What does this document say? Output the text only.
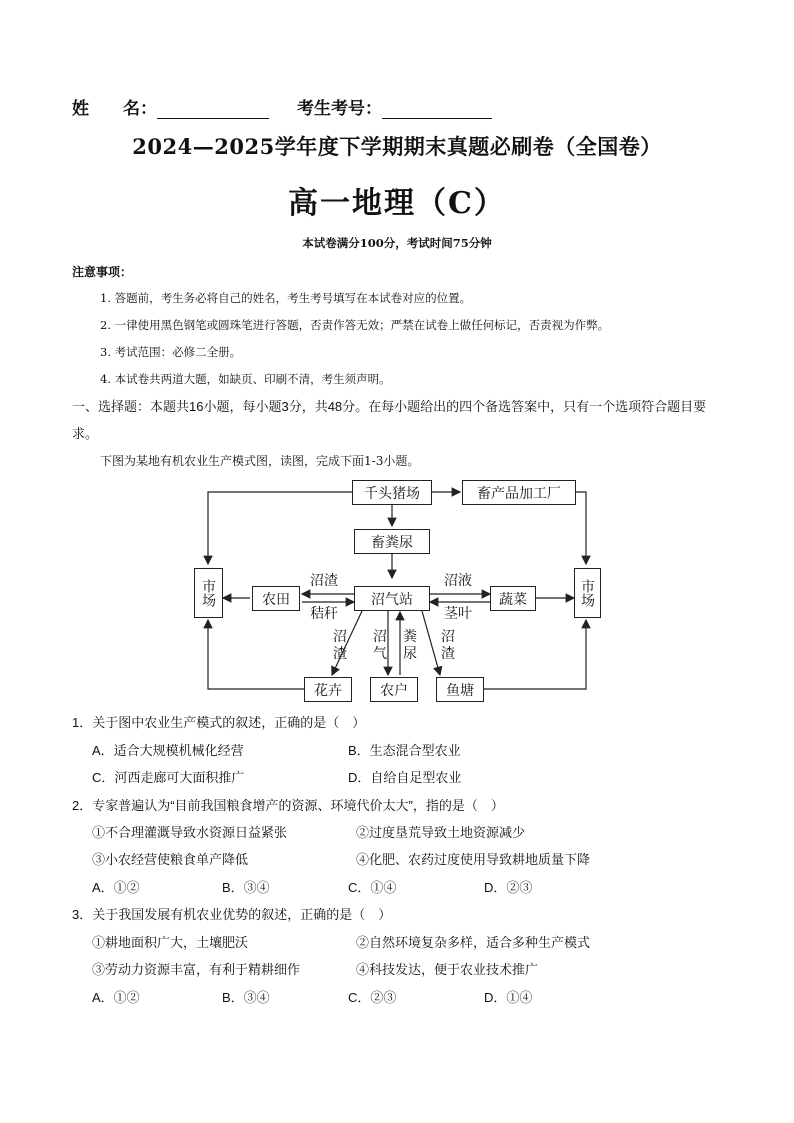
姓　　名：	考生考号：
2024—2025学年度下学期期末真题必刷卷（全国卷）
高一地理（C）
本试卷满分100分，考试时间75分钟
注意事项：
1. 答题前，考生务必将自己的姓名，考生考号填写在本试卷对应的位置。
2. 一律使用黑色钢笔或圆珠笔进行答题，否责作答无效；严禁在试卷上做任何标记，否责视为作弊。
3. 考试范围：必修二全册。
4. 本试卷共两道大题，如缺页、印刷不清，考生须声明。
一、选择题：本题共16小题，每小题3分，共48分。在每小题给出的四个备选答案中，只有一个选项符合题目要求。
下图为某地有机农业生产模式图，读图，完成下面1-3小题。
千头猪场	畜产品加工厂
畜粪尿
市场	农田	沼气站	蔬菜	市场
花卉	农户	鱼塘
沼渣
秸秆
沼液
茎叶
沼渣
沼气
粪尿
沼渣
1．关于图中农业生产模式的叙述，正确的是（　）
A．适合大规模机械化经营	B．生态混合型农业
C．河西走廊可大面积推广	D．自给自足型农业
2．专家普遍认为“目前我国粮食增产的资源、环境代价太大”，指的是（　）
①不合理灌溉导致水资源日益紧张	②过度垦荒导致土地资源减少
③小农经营使粮食单产降低	④化肥、农药过度使用导致耕地质量下降
A．①②	B．③④	C．①④	D．②③
3．关于我国发展有机农业优势的叙述，正确的是（　）
①耕地面积广大，土壤肥沃	②自然环境复杂多样，适合多种生产模式
③劳动力资源丰富，有利于精耕细作	④科技发达，便于农业技术推广
A．①②	B．③④	C．②③	D．①④
